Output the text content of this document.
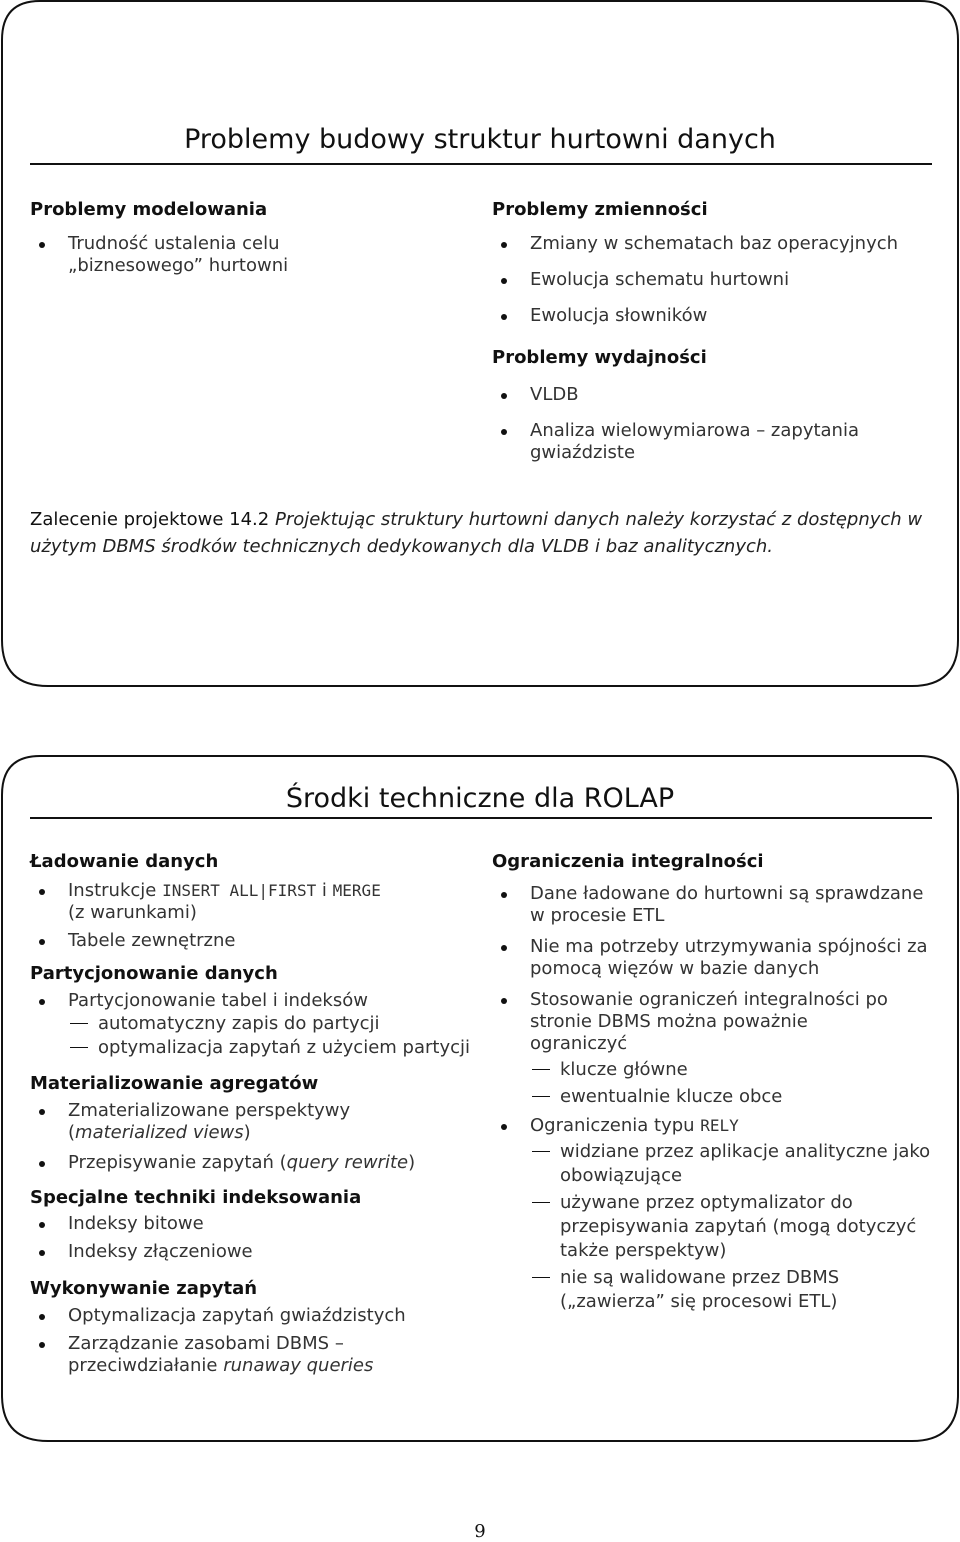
Problemy budowy struktur hurtowni danych
Problemy modelowania
Trudność ustalenia celu „biznesowego” hurtowni
Problemy zmienności
Zmiany w schematach baz operacyjnych
Ewolucja schematu hurtowni
Ewolucja słowników
Problemy wydajności
VLDB
Analiza wielowymiarowa – zapytania gwiaździste
Zalecenie projektowe 14.2 Projektując struktury hurtowni danych należy korzystać z dostępnych w użytym DBMS środków technicznych dedykowanych dla VLDB i baz analitycznych.
Środki techniczne dla ROLAP
Ładowanie danych
Instrukcje INSERT ALL|FIRST i MERGE
(z warunkami)
Tabele zewnętrzne
Partycjonowanie danych
Partycjonowanie tabel i indeksów
automatyczny zapis do partycji
optymalizacja zapytań z użyciem partycji
Materializowanie agregatów
Zmaterializowane perspektywy (materialized views)
Przepisywanie zapytań (query rewrite)
Specjalne techniki indeksowania
Indeksy bitowe
Indeksy złączeniowe
Wykonywanie zapytań
Optymalizacja zapytań gwiaździstych
Zarządzanie zasobami DBMS – przeciwdziałanie runaway queries
Ograniczenia integralności
Dane ładowane do hurtowni są sprawdzane w procesie ETL
Nie ma potrzeby utrzymywania spójności za pomocą więzów w bazie danych
Stosowanie ograniczeń integralności po stronie DBMS można poważnie ograniczyć
klucze główne
ewentualnie klucze obce
Ograniczenia typu RELY
widziane przez aplikacje analityczne jako obowiązujące
używane przez optymalizator do przepisywania zapytań (mogą dotyczyć także perspektyw)
nie są walidowane przez DBMS („zawierza” się procesowi ETL)
9
